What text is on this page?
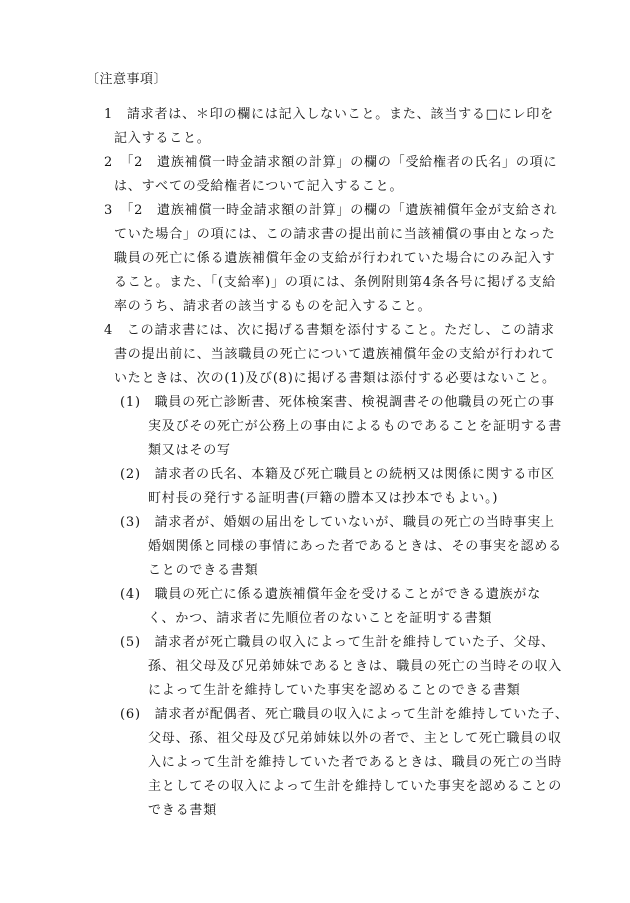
〔注意事項〕
1　請求者は、＊印の欄には記入しないこと。また、該当する□にレ印を
記入すること。
2　「2　遺族補償一時金請求額の計算」の欄の「受給権者の氏名」の項に
は、すべての受給権者について記入すること。
3　「2　遺族補償一時金請求額の計算」の欄の「遺族補償年金が支給され
ていた場合」の項には、この請求書の提出前に当該補償の事由となった
職員の死亡に係る遺族補償年金の支給が行われていた場合にのみ記入す
ること。また、「(支給率)」の項には、条例附則第4条各号に掲げる支給
率のうち、請求者の該当するものを記入すること。
4　この請求書には、次に掲げる書類を添付すること。ただし、この請求
書の提出前に、当該職員の死亡について遺族補償年金の支給が行われて
いたときは、次の(1)及び(8)に掲げる書類は添付する必要はないこと。
(1)　職員の死亡診断書、死体検案書、検視調書その他職員の死亡の事
実及びその死亡が公務上の事由によるものであることを証明する書
類又はその写
(2)　請求者の氏名、本籍及び死亡職員との続柄又は関係に関する市区
町村長の発行する証明書(戸籍の謄本又は抄本でもよい。)
(3)　請求者が、婚姻の届出をしていないが、職員の死亡の当時事実上
婚姻関係と同様の事情にあった者であるときは、その事実を認める
ことのできる書類
(4)　職員の死亡に係る遺族補償年金を受けることができる遺族がな
く、かつ、請求者に先順位者のないことを証明する書類
(5)　請求者が死亡職員の収入によって生計を維持していた子、父母、
孫、祖父母及び兄弟姉妹であるときは、職員の死亡の当時その収入
によって生計を維持していた事実を認めることのできる書類
(6)　請求者が配偶者、死亡職員の収入によって生計を維持していた子、
父母、孫、祖父母及び兄弟姉妹以外の者で、主として死亡職員の収
入によって生計を維持していた者であるときは、職員の死亡の当時
主としてその収入によって生計を維持していた事実を認めることの
できる書類
